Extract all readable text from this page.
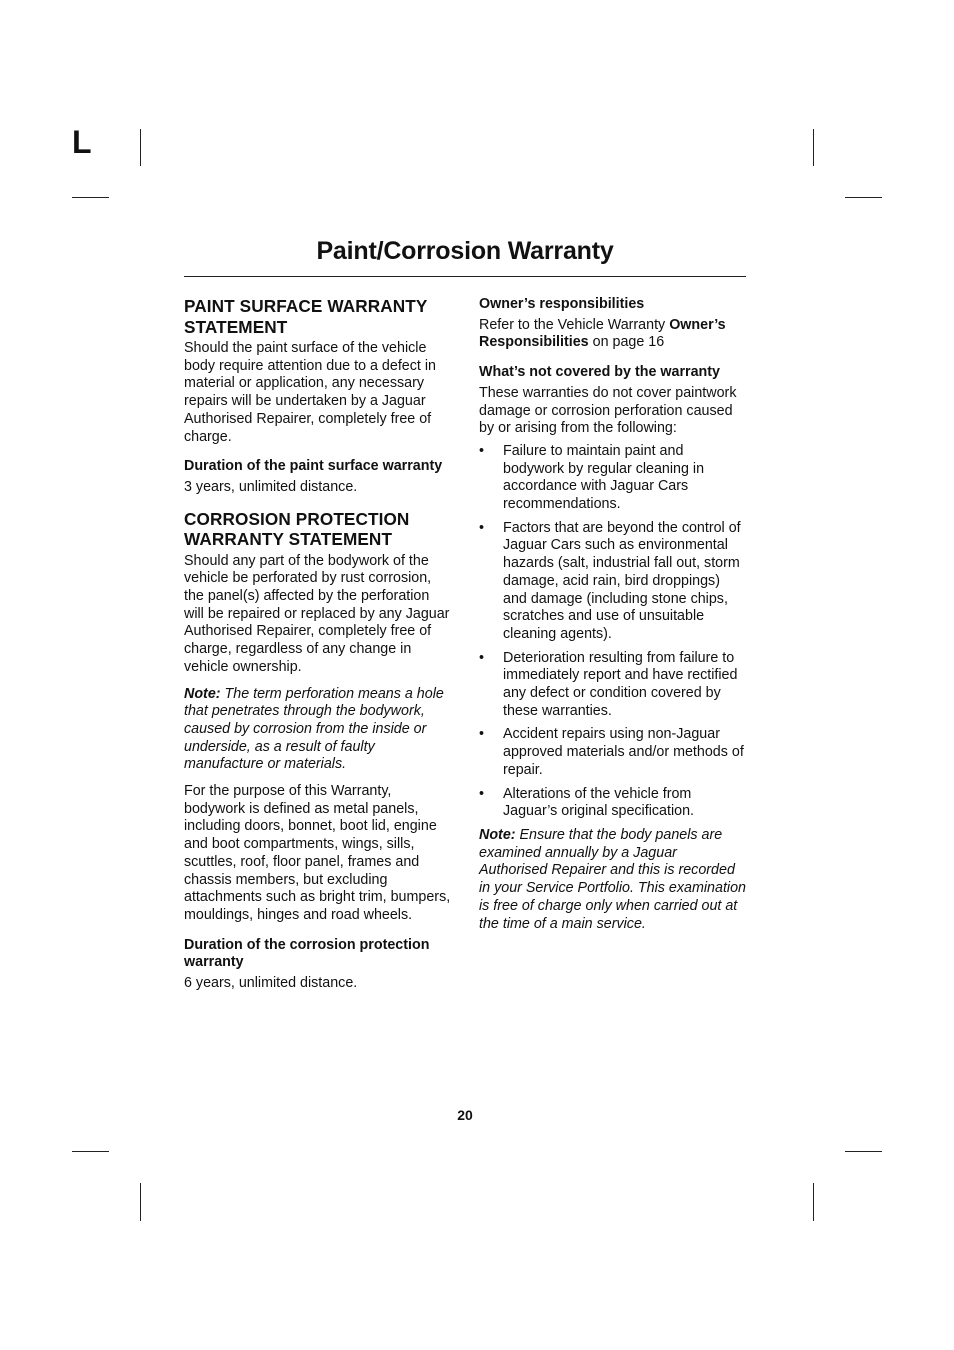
L
Paint/Corrosion Warranty
PAINT SURFACE WARRANTY STATEMENT

Should the paint surface of the vehicle body require attention due to a defect in material or application, any necessary repairs will be undertaken by a Jaguar Authorised Repairer, completely free of charge.

Duration of the paint surface warranty

3 years, unlimited distance.

CORROSION PROTECTION WARRANTY STATEMENT

Should any part of the bodywork of the vehicle be perforated by rust corrosion, the panel(s) affected by the perforation will be repaired or replaced by any Jaguar Authorised Repairer, completely free of charge, regardless of any change in vehicle ownership.

Note: The term perforation means a hole that penetrates through the bodywork, caused by corrosion from the inside or underside, as a result of faulty manufacture or materials.

For the purpose of this Warranty, bodywork is defined as metal panels, including doors, bonnet, boot lid, engine and boot compartments, wings, sills, scuttles, roof, floor panel, frames and chassis members, but excluding attachments such as bright trim, bumpers, mouldings, hinges and road wheels.

Duration of the corrosion protection warranty

6 years, unlimited distance.

Owner’s responsibilities

Refer to the Vehicle Warranty Owner’s Responsibilities on page 16

What’s not covered by the warranty

These warranties do not cover paintwork damage or corrosion perforation caused by or arising from the following:

• Failure to maintain paint and bodywork by regular cleaning in accordance with Jaguar Cars recommendations.
• Factors that are beyond the control of Jaguar Cars such as environmental hazards (salt, industrial fall out, storm damage, acid rain, bird droppings) and damage (including stone chips, scratches and use of unsuitable cleaning agents).
• Deterioration resulting from failure to immediately report and have rectified any defect or condition covered by these warranties.
• Accident repairs using non-Jaguar approved materials and/or methods of repair.
• Alterations of the vehicle from Jaguar’s original specification.

Note: Ensure that the body panels are examined annually by a Jaguar Authorised Repairer and this is recorded in your Service Portfolio. This examination is free of charge only when carried out at the time of a main service.

20
